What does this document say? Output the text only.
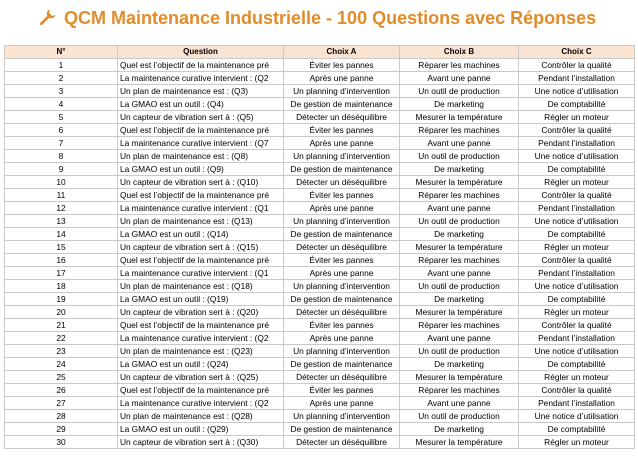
QCM Maintenance Industrielle - 100 Questions avec Réponses
N°	Question	Choix A	Choix B	Choix C
1	Quel est l’objectif de la maintenance pré	Éviter les pannes	Réparer les machines	Contrôler la qualité
2	La maintenance curative intervient : (Q2	Après une panne	Avant une panne	Pendant l’installation
3	Un plan de maintenance est : (Q3)	Un planning d’intervention	Un outil de production	Une notice d’utilisation
4	La GMAO est un outil : (Q4)	De gestion de maintenance	De marketing	De comptabilité
5	Un capteur de vibration sert à : (Q5)	Détecter un déséquilibre	Mesurer la température	Régler un moteur
6	Quel est l’objectif de la maintenance pré	Éviter les pannes	Réparer les machines	Contrôler la qualité
7	La maintenance curative intervient : (Q7	Après une panne	Avant une panne	Pendant l’installation
8	Un plan de maintenance est : (Q8)	Un planning d’intervention	Un outil de production	Une notice d’utilisation
9	La GMAO est un outil : (Q9)	De gestion de maintenance	De marketing	De comptabilité
10	Un capteur de vibration sert à : (Q10)	Détecter un déséquilibre	Mesurer la température	Régler un moteur
11	Quel est l’objectif de la maintenance pré	Éviter les pannes	Réparer les machines	Contrôler la qualité
12	La maintenance curative intervient : (Q1	Après une panne	Avant une panne	Pendant l’installation
13	Un plan de maintenance est : (Q13)	Un planning d’intervention	Un outil de production	Une notice d’utilisation
14	La GMAO est un outil : (Q14)	De gestion de maintenance	De marketing	De comptabilité
15	Un capteur de vibration sert à : (Q15)	Détecter un déséquilibre	Mesurer la température	Régler un moteur
16	Quel est l’objectif de la maintenance pré	Éviter les pannes	Réparer les machines	Contrôler la qualité
17	La maintenance curative intervient : (Q1	Après une panne	Avant une panne	Pendant l’installation
18	Un plan de maintenance est : (Q18)	Un planning d’intervention	Un outil de production	Une notice d’utilisation
19	La GMAO est un outil : (Q19)	De gestion de maintenance	De marketing	De comptabilité
20	Un capteur de vibration sert à : (Q20)	Détecter un déséquilibre	Mesurer la température	Régler un moteur
21	Quel est l’objectif de la maintenance pré	Éviter les pannes	Réparer les machines	Contrôler la qualité
22	La maintenance curative intervient : (Q2	Après une panne	Avant une panne	Pendant l’installation
23	Un plan de maintenance est : (Q23)	Un planning d’intervention	Un outil de production	Une notice d’utilisation
24	La GMAO est un outil : (Q24)	De gestion de maintenance	De marketing	De comptabilité
25	Un capteur de vibration sert à : (Q25)	Détecter un déséquilibre	Mesurer la température	Régler un moteur
26	Quel est l’objectif de la maintenance pré	Éviter les pannes	Réparer les machines	Contrôler la qualité
27	La maintenance curative intervient : (Q2	Après une panne	Avant une panne	Pendant l’installation
28	Un plan de maintenance est : (Q28)	Un planning d’intervention	Un outil de production	Une notice d’utilisation
29	La GMAO est un outil : (Q29)	De gestion de maintenance	De marketing	De comptabilité
30	Un capteur de vibration sert à : (Q30)	Détecter un déséquilibre	Mesurer la température	Régler un moteur
